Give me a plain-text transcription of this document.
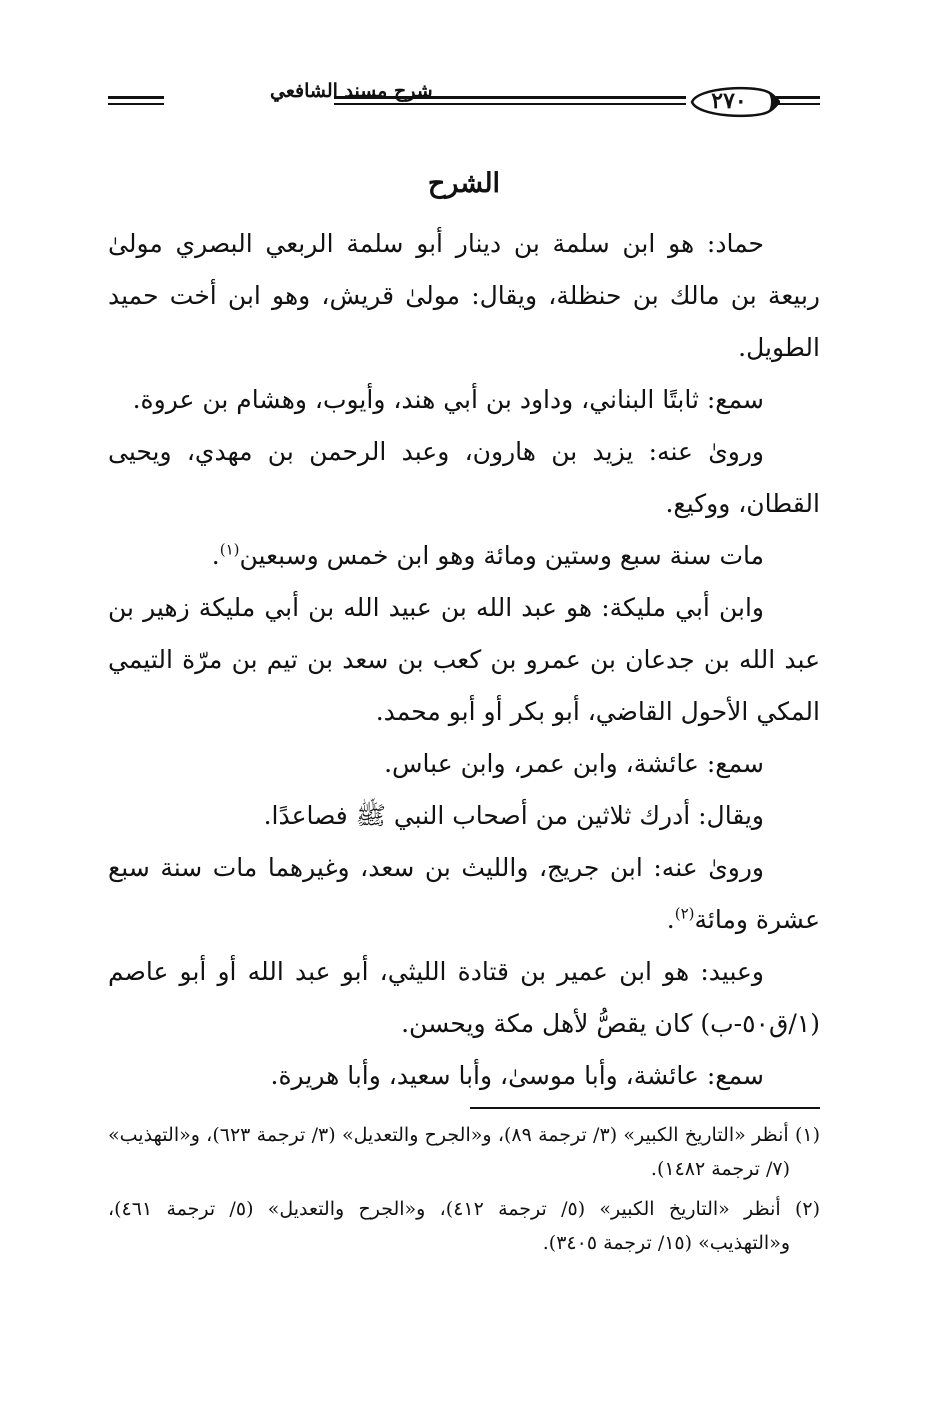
شرح مسند الشافعي	٢٧٠
الشرح

حماد: هو ابن سلمة بن دينار أبو سلمة الربعي البصري مولىٰ ربيعة بن مالك بن حنظلة، ويقال: مولىٰ قريش، وهو ابن أخت حميد الطويل.

سمع: ثابتًا البناني، وداود بن أبي هند، وأيوب، وهشام بن عروة.

ورویٰ عنه: يزيد بن هارون، وعبد الرحمن بن مهدي، ويحيى القطان، ووكيع.

مات سنة سبع وستين ومائة وهو ابن خمس وسبعين$^{(١)}$.

وابن أبي مليكة: هو عبد الله بن عبيد الله بن أبي مليكة زهير بن عبد الله بن جدعان بن عمرو بن كعب بن سعد بن تيم بن مرّة التيمي المكي الأحول القاضي، أبو بكر أو أبو محمد.

سمع: عائشة، وابن عمر، وابن عباس.

ويقال: أدرك ثلاثين من أصحاب النبي ﷺ فصاعدًا.

ورویٰ عنه: ابن جريج، والليث بن سعد، وغيرهما مات سنة سبع عشرة ومائة$^{(٢)}$.

وعبيد: هو ابن عمير بن قتادة الليثي، أبو عبد الله أو أبو عاصم (١/ق٥٠-ب) كان يقصُّ لأهل مكة ويحسن.

سمع: عائشة، وأبا موسىٰ، وأبا سعيد، وأبا هريرة.

(١) أنظر «التاريخ الكبير» (٣/ ترجمة ٨٩)، و«الجرح والتعديل» (٣/ ترجمة ٦٢٣)، و«التهذيب» (٧/ ترجمة ١٤٨٢).

(٢) أنظر «التاريخ الكبير» (٥/ ترجمة ٤١٢)، و«الجرح والتعديل» (٥/ ترجمة ٤٦١)، و«التهذيب» (١٥/ ترجمة ٣٤٠٥).
